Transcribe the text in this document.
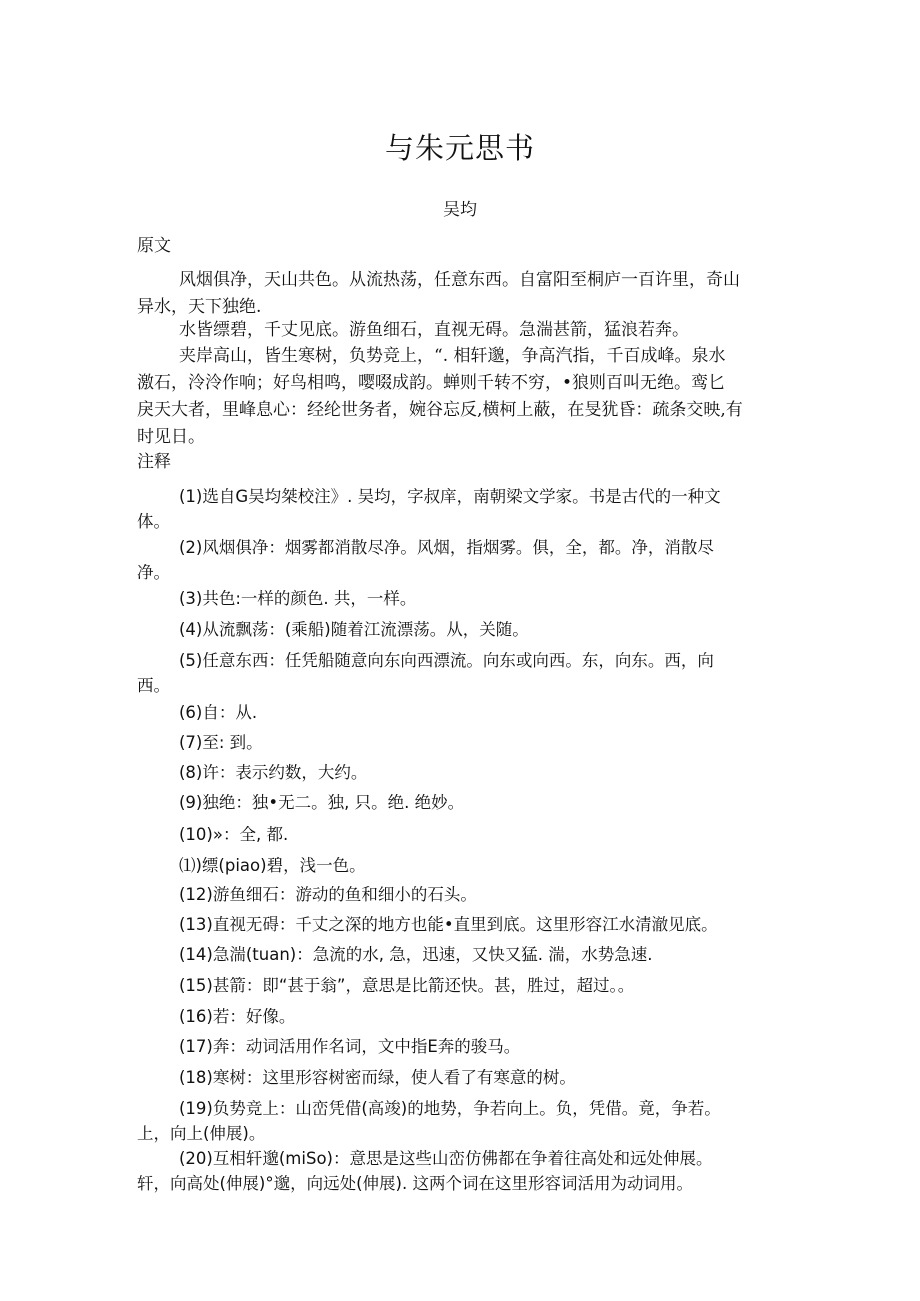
与朱元思书
吴均
原文
风烟俱净，天山共色。从流热荡，任意东西。自富阳至桐庐一百许里，奇山
异水，天下独绝.
水皆缥碧，千丈见底。游鱼细石，直视无碍。急湍甚箭，猛浪若奔。
夹岸高山，皆生寒树，负势竞上，“. 相轩邈，争高汽指，千百成峰。泉水
激石，泠泠作响；好鸟相鸣，嘤啜成韵。蝉则千转不穷，•狼则百叫无绝。鸾匕
戾天大者，里峰息心：经纶世务者，婉谷忘反,横柯上蔽，在旻犹昏：疏条交映,有
时见日。
注释
(1)选自G吴均桀校注》. 吴均，字叔庠，南朝梁文学家。书是古代的一种文
体。
(2)风烟俱净：烟雾都消散尽净。风烟，指烟雾。俱，全，都。净，消散尽
净。
(3)共色:一样的颜色. 共，一样。
(4)从流飘荡：(乘船)随着江流漂荡。从，关随。
(5)任意东西：任凭船随意向东向西漂流。向东或向西。东，向东。西，向
西。
(6)自：从.
(7)至: 到。
(8)许：表示约数，大约。
(9)独绝：独•无二。独, 只。绝. 绝妙。
(10)»：全, 都.
⑴)缥(piao)碧，浅一色。
(12)游鱼细石：游动的鱼和细小的石头。
(13)直视无碍：千丈之深的地方也能•直里到底。这里形容江水清澈见底。
(14)急湍(tuan)：急流的水, 急，迅速，又快又猛. 湍，水势急速.
(15)甚箭：即“甚于翁”，意思是比箭还快。甚，胜过，超过。。
(16)若：好像。
(17)奔：动词活用作名词，文中指E奔的骏马。
(18)寒树：这里形容树密而绿，使人看了有寒意的树。
(19)负势竞上：山峦凭借(高竣)的地势，争若向上。负，凭借。竟，争若。
上，向上(伸展)。
(20)互相轩邈(miSo)：意思是这些山峦仿佛都在争着往高处和远处伸展。
轩，向高处(伸展)°邈，向远处(伸展). 这两个词在这里形容词活用为动词用。
